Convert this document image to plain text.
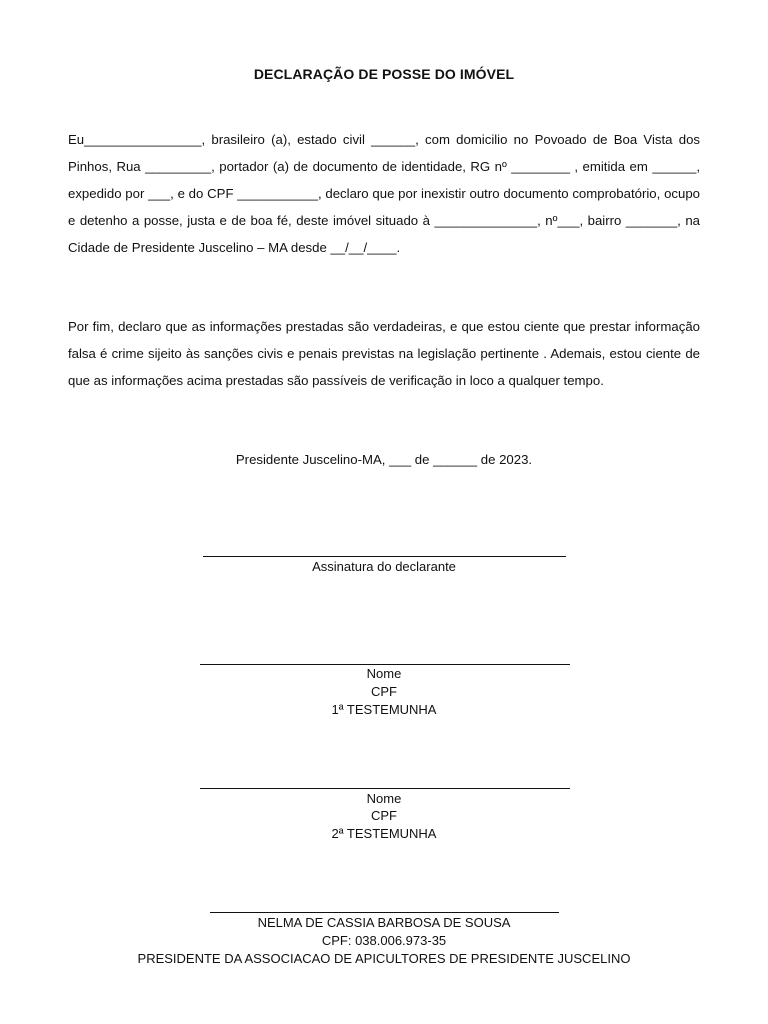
DECLARAÇÃO DE POSSE DO IMÓVEL
Eu________________, brasileiro (a), estado civil ______, com domicilio no Povoado de Boa Vista dos Pinhos, Rua _________, portador (a) de documento de identidade, RG nº ________ , emitida em ______, expedido por ___, e do CPF ___________, declaro que por inexistir outro documento comprobatório, ocupo e detenho a posse, justa e de boa fé, deste imóvel situado à ______________, nº___, bairro _______, na Cidade de Presidente Juscelino – MA desde __/__/____.
Por fim, declaro que as informações prestadas são verdadeiras, e que estou ciente que prestar informação falsa é crime sijeito às sanções civis e penais previstas na legislação pertinente . Ademais, estou ciente de que as informações acima prestadas são passíveis de verificação in loco a qualquer tempo.
Presidente Juscelino-MA, ___ de ______ de 2023.
Assinatura do declarante
Nome
CPF
1ª TESTEMUNHA
Nome
CPF
2ª TESTEMUNHA
NELMA DE CASSIA BARBOSA DE SOUSA
CPF: 038.006.973-35
PRESIDENTE DA ASSOCIACAO DE APICULTORES DE PRESIDENTE JUSCELINO
